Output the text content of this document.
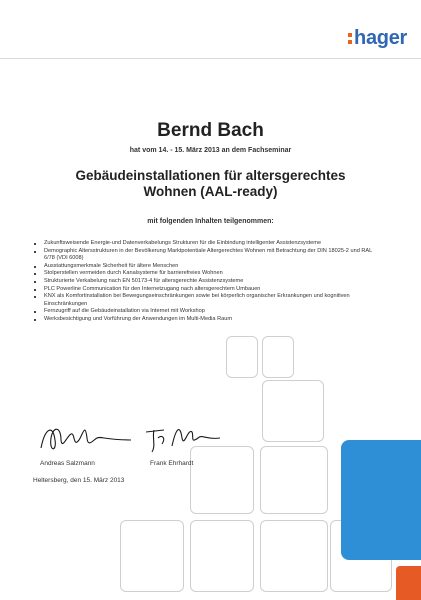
hager
Bernd Bach
hat vom 14. - 15. März 2013 an dem Fachseminar
Gebäudeinstallationen für altersgerechtes
Wohnen (AAL-ready)
mit folgenden Inhalten teilgenommen:
Zukunftsweisende Energie-und Datenverkabelungs Strukturen für die Einbindung intelligenter Assistenzsysteme
Demographic Altersstrukturen in der Bevölkerung Marktpotentiale Altergerechtes Wohnen mit Betrachtung der DIN 18025-2 und RAL 6/78 (VDI 6008)
Ausstattungsmerkmale Sicherheit für ältere Menschen
Stolperstellen vermeiden durch Kanalsysteme für barrierefreies Wohnen
Strukturierte Verkabelung nach EN 50173-4 für altersgerechte Assistenzsysteme
PLC Powerline Communication für den Internetzugang nach altersgerechtem Umbauen
KNX als Komfortinstallation bei Bewegungseinschränkungen sowie bei körperlich organischer Erkrankungen und kognitiven Einschränkungen
Fernzugriff auf die Gebäudeinstallation via Internet mit Workshop
Werksbesichtigung und Vorführung der Anwendungen im Multi-Media Raum
Andreas Salzmann	Frank Ehrhardt
Heltersberg, den 15. März 2013
